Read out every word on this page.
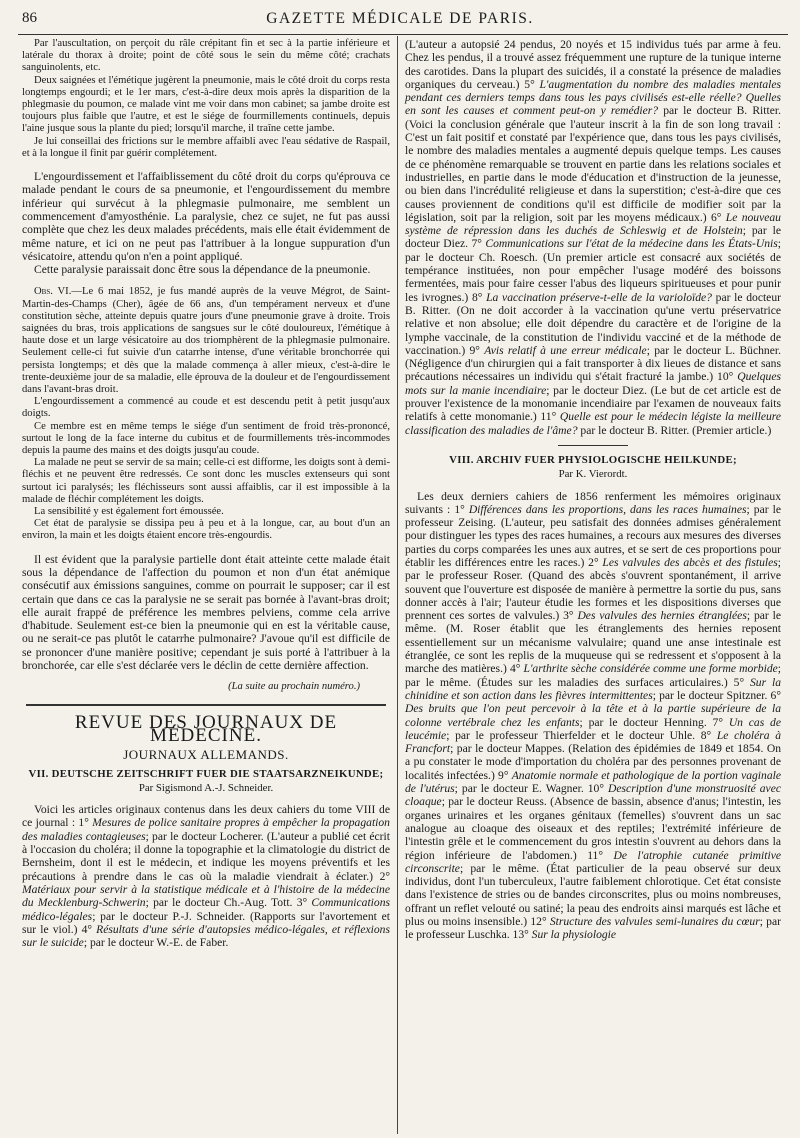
86	GAZETTE MÉDICALE DE PARIS.

Par l'auscultation, on perçoit du râle crépitant fin et sec à la partie inférieure et latérale du thorax à droite; point de côté sous le sein du même côté; crachats sanguinolents, etc.

Deux saignées et l'émétique jugèrent la pneumonie, mais le côté droit du corps resta longtemps engourdi; et le 1er mars, c'est-à-dire deux mois après la disparition de la phlegmasie du poumon, ce malade vint me voir dans mon cabinet; sa jambe droite est toujours plus faible que l'autre, et est le siége de fourmillements continuels, depuis l'aine jusque sous la plante du pied; lorsqu'il marche, il traîne cette jambe.

Je lui conseillai des frictions sur le membre affaibli avec l'eau sédative de Raspail, et à la longue il finit par guérir complétement.

L'engourdissement et l'affaiblissement du côté droit du corps qu'éprouva ce malade pendant le cours de sa pneumonie, et l'engourdissement du membre inférieur qui survécut à la phlegmasie pulmonaire, me semblent un commencement d'amyosthénie. La paralysie, chez ce sujet, ne fut pas aussi complète que chez les deux malades précédents, mais elle était évidemment de même nature, et ici on ne peut pas l'attribuer à la longue suppuration d'un vésicatoire, attendu qu'on n'en a point appliqué.

Cette paralysie paraissait donc être sous la dépendance de la pneumonie.

Obs. VI.—Le 6 mai 1852, je fus mandé auprès de la veuve Mégrot, de Saint-Martin-des-Champs (Cher), âgée de 66 ans, d'un tempérament nerveux et d'une constitution sèche, atteinte depuis quatre jours d'une pneumonie grave à droite. Trois saignées du bras, trois applications de sangsues sur le côté douloureux, l'émétique à haute dose et un large vésicatoire au dos triomphèrent de la phlegmasie pulmonaire. Seulement celle-ci fut suivie d'un catarrhe intense, d'une véritable bronchorrée qui persista longtemps; et dès que la malade commença à aller mieux, c'est-à-dire le trente-deuxième jour de sa maladie, elle éprouva de la douleur et de l'engourdissement dans l'avant-bras droit.

L'engourdissement a commencé au coude et est descendu petit à petit jusqu'aux doigts.

Ce membre est en même temps le siége d'un sentiment de froid très-prononcé, surtout le long de la face interne du cubitus et de fourmillements très-incommodes depuis la paume des mains et des doigts jusqu'au coude.

La malade ne peut se servir de sa main; celle-ci est difforme, les doigts sont à demi-fléchis et ne peuvent être redressés. Ce sont donc les muscles extenseurs qui sont surtout ici paralysés; les fléchisseurs sont aussi affaiblis, car il est impossible à la malade de fléchir complétement les doigts.

La sensibilité y est également fort émoussée.

Cet état de paralysie se dissipa peu à peu et à la longue, car, au bout d'un an environ, la main et les doigts étaient encore très-engourdis.

Il est évident que la paralysie partielle dont était atteinte cette malade était sous la dépendance de l'affection du poumon et non d'un état anémique consécutif aux émissions sanguines, comme on pourrait le supposer; car il est certain que dans ce cas la paralysie ne se serait pas bornée à l'avant-bras droit; elle aurait frappé de préférence les membres pelviens, comme cela arrive d'habitude. Seulement est-ce bien la pneumonie qui en est la véritable cause, ou ne serait-ce pas plutôt le catarrhe pulmonaire? J'avoue qu'il est difficile de se prononcer d'une manière positive; cependant je suis porté à l'attribuer à la bronchorée, car elle s'est déclarée vers le déclin de cette dernière affection.

(La suite au prochain numéro.)
REVUE DES JOURNAUX DE MÉDECINE.
JOURNAUX ALLEMANDS.
VII. DEUTSCHE ZEITSCHRIFT FUER DIE STAATSARZNEIKUNDE;
Par Sigismond A.-J. Schneider.

Voici les articles originaux contenus dans les deux cahiers du tome VIII de ce journal : 1° Mesures de police sanitaire propres à empêcher la propagation des maladies contagieuses; par le docteur Locherer. (L'auteur a publié cet écrit à l'occasion du choléra; il donne la topographie et la climatologie du district de Bernsheim, dont il est le médecin, et indique les moyens préventifs et les précautions à prendre dans le cas où la maladie viendrait à éclater.) 2° Matériaux pour servir à la statistique médicale et à l'histoire de la médecine du Mecklenburg-Schwerin; par le docteur Ch.-Aug. Tott. 3° Communications médico-légales; par le docteur P.-J. Schneider. (Rapports sur l'avortement et sur le viol.) 4° Résultats d'une série d'autopsies médico-légales, et réflexions sur le suicide; par le docteur W.-E. de Faber.

(L'auteur a autopsié 24 pendus, 20 noyés et 15 individus tués par arme à feu. Chez les pendus, il a trouvé assez fréquemment une rupture de la tunique interne des carotides. Dans la plupart des suicidés, il a constaté la présence de maladies organiques du cerveau.) 5° L'augmentation du nombre des maladies mentales pendant ces derniers temps dans tous les pays civilisés est-elle réelle? Quelles en sont les causes et comment peut-on y remédier? par le docteur B. Ritter. (Voici la conclusion générale que l'auteur inscrit à la fin de son long travail : C'est un fait positif et constaté par l'expérience que, dans tous les pays civilisés, le nombre des maladies mentales a augmenté depuis quelque temps. Les causes de ce phénomène remarquable se trouvent en partie dans les relations sociales et industrielles, en partie dans le mode d'éducation et d'instruction de la jeunesse, ou bien dans l'incrédulité religieuse et dans la superstition; c'est-à-dire que ces causes proviennent de conditions qu'il est difficile de modifier soit par la législation, soit par la religion, soit par les moyens médicaux.) 6° Le nouveau système de répression dans les duchés de Schleswig et de Holstein; par le docteur Diez. 7° Communications sur l'état de la médecine dans les États-Unis; par le docteur Ch. Roesch. (Un premier article est consacré aux sociétés de tempérance instituées, non pour empêcher l'usage modéré des boissons fermentées, mais pour faire cesser l'abus des liqueurs spiritueuses et pour punir les ivrognes.) 8° La vaccination préserve-t-elle de la varioloïde? par le docteur B. Ritter. (On ne doit accorder à la vaccination qu'une vertu préservatrice relative et non absolue; elle doit dépendre du caractère et de l'origine de la lymphe vaccinale, de la constitution de l'individu vacciné et de la méthode de vaccination.) 9° Avis relatif à une erreur médicale; par le docteur L. Büchner. (Négligence d'un chirurgien qui a fait transporter à dix lieues de distance et sans précautions nécessaires un individu qui s'était fracturé la jambe.) 10° Quelques mots sur la manie incendiaire; par le docteur Diez. (Le but de cet article est de prouver l'existence de la monomanie incendiaire par l'examen de nouveaux faits relatifs à cette monomanie.) 11° Quelle est pour le médecin légiste la meilleure classification des maladies de l'âme? par le docteur B. Ritter. (Premier article.)

VIII. ARCHIV FUER PHYSIOLOGISCHE HEILKUNDE;
Par K. Vierordt.

Les deux derniers cahiers de 1856 renferment les mémoires originaux suivants : 1° Différences dans les proportions, dans les races humaines; par le professeur Zeising. (L'auteur, peu satisfait des données admises généralement pour distinguer les types des races humaines, a recours aux mesures des diverses parties du corps comparées les unes aux autres, et se sert de ces proportions pour établir les différences entre les races.) 2° Les valvules des abcès et des fistules; par le professeur Roser. (Quand des abcès s'ouvrent spontanément, il arrive souvent que l'ouverture est disposée de manière à permettre la sortie du pus, sans donner accès à l'air; l'auteur étudie les formes et les dispositions diverses que prennent ces sortes de valvules.) 3° Des valvules des hernies étranglées; par le même. (M. Roser établit que les étranglements des hernies reposent essentiellement sur un mécanisme valvulaire; quand une anse intestinale est étranglée, ce sont les replis de la muqueuse qui se redressent et s'opposent à la marche des matières.) 4° L'arthrite sèche considérée comme une forme morbide; par le même. (Études sur les maladies des surfaces articulaires.) 5° Sur la chinidine et son action dans les fièvres intermittentes; par le docteur Spitzner. 6° Des bruits que l'on peut percevoir à la tête et à la partie supérieure de la colonne vertébrale chez les enfants; par le docteur Henning. 7° Un cas de leucémie; par le professeur Thierfelder et le docteur Uhle. 8° Le choléra à Francfort; par le docteur Mappes. (Relation des épidémies de 1849 et 1854. On a pu constater le mode d'importation du choléra par des personnes provenant de localités infectées.) 9° Anatomie normale et pathologique de la portion vaginale de l'utérus; par le docteur E. Wagner. 10° Description d'une monstruosité avec cloaque; par le docteur Reuss. (Absence de bassin, absence d'anus; l'intestin, les organes urinaires et les organes génitaux (femelles) s'ouvrent dans un sac analogue au cloaque des oiseaux et des reptiles; l'extrémité inférieure de l'intestin grêle et le commencement du gros intestin s'ouvrent au dehors dans la région inférieure de l'abdomen.) 11° De l'atrophie cutanée primitive circonscrite; par le même. (État particulier de la peau observé sur deux individus, dont l'un tuberculeux, l'autre faiblement chlorotique. Cet état consiste dans l'existence de stries ou de bandes circonscrites, plus ou moins nombreuses, offrant un reflet velouté ou satiné; la peau des endroits ainsi marqués est lâche et plus ou moins insensible.) 12° Structure des valvules semi-lunaires du cœur; par le professeur Luschka. 13° Sur la physiologie
